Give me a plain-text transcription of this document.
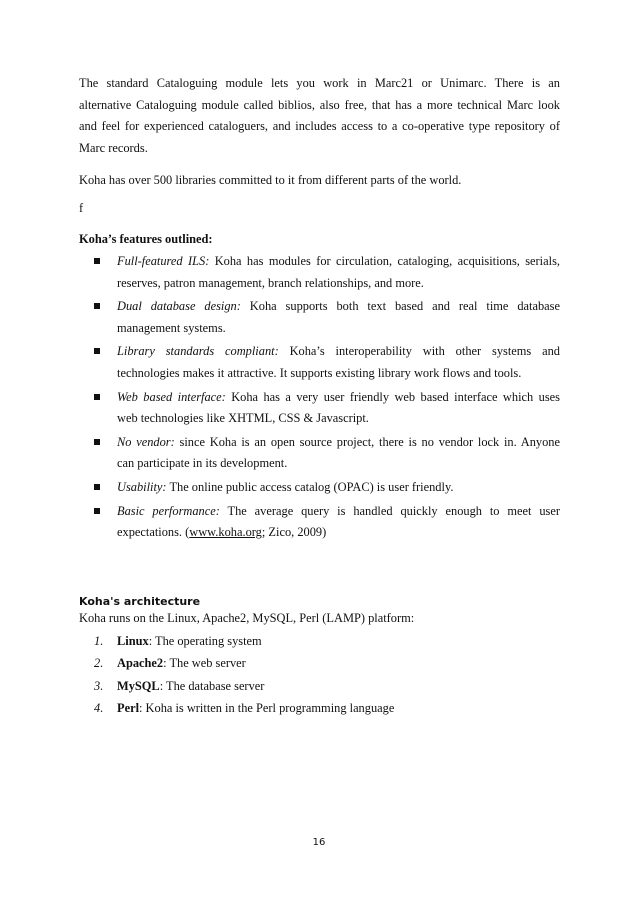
The standard Cataloguing module lets you work in Marc21 or Unimarc. There is an
alternative Cataloguing module called biblios, also free, that has a more technical Marc look
and feel for experienced cataloguers, and includes access to a co-operative type repository of
Marc records.
Koha has over 500 libraries committed to it from different parts of the world.
f
Koha’s features outlined:
Full-featured ILS: Koha has modules for circulation, cataloging, acquisitions, serials,
reserves, patron management, branch relationships, and more.
Dual database design: Koha supports both text based and real time database
management systems.
Library standards compliant: Koha’s interoperability with other systems and
technologies makes it attractive. It supports existing library work flows and tools.
Web based interface: Koha has a very user friendly web based interface which uses
web technologies like XHTML, CSS & Javascript.
No vendor: since Koha is an open source project, there is no vendor lock in. Anyone
can participate in its development.
Usability: The online public access catalog (OPAC) is user friendly.
Basic performance: The average query is handled quickly enough to meet user
expectations. (www.koha.org; Zico, 2009)
Koha's architecture
Koha runs on the Linux, Apache2, MySQL, Perl (LAMP) platform:
1. Linux: The operating system
2. Apache2: The web server
3. MySQL: The database server
4. Perl: Koha is written in the Perl programming language
16
